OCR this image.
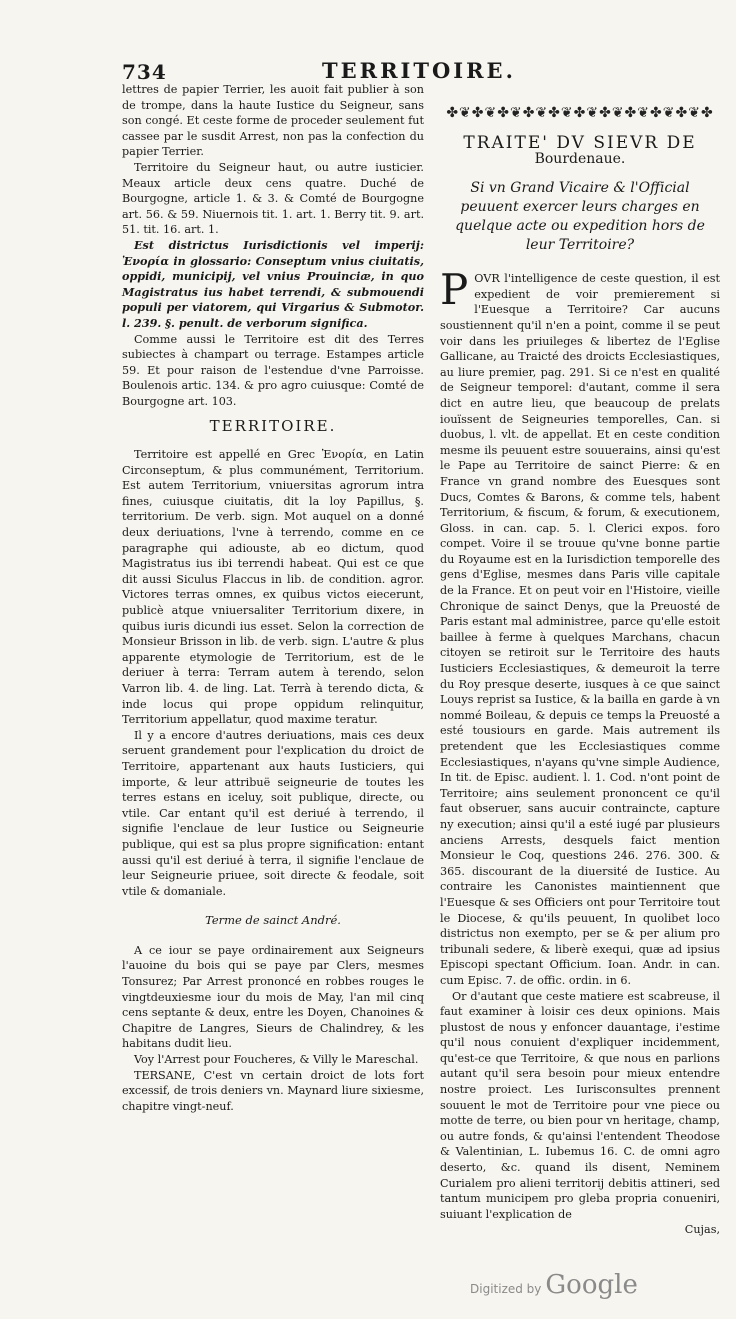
734	TERRITOIRE.

lettres de papier Terrier, les auoit fait publier à son de trompe, dans la haute Iustice du Seigneur, sans son congé. Et ceste forme de proceder seulement fut cassee par le susdit Arrest, non pas la confection du papier Terrier.

Territoire du Seigneur haut, ou autre iusticier. Meaux article deux cens quatre. Duché de Bourgogne, article 1. & 3. & Comté de Bourgogne art. 56. & 59. Niuernois tit. 1. art. 1. Berry tit. 9. art. 51. tit. 16. art. 1.

Est districtus Iurisdictionis vel imperij: Ἐνορία in glossario: Conseptum vnius ciuitatis, oppidi, municipij, vel vnius Prouinciæ, in quo Magistratus ius habet terrendi, & submouendi populi per viatorem, qui Virgarius & Submotor. l. 239. §. penult. de verborum significa.

Comme aussi le Territoire est dit des Terres subiectes à champart ou terrage. Estampes article 59. Et pour raison de l'estendue d'vne Parroisse. Boulenois artic. 134. & pro agro cuiusque: Comté de Bourgogne art. 103.

TERRITOIRE.

Territoire est appellé en Grec Ἐνορία, en Latin Circonseptum, & plus communément, Territorium. Est autem Territorium, vniuersitas agrorum intra fines, cuiusque ciuitatis, dit la loy Papillus, §. territorium. De verb. sign. Mot auquel on a donné deux deriuations, l'vne à terrendo, comme en ce paragraphe qui adiouste, ab eo dictum, quod Magistratus ius ibi terrendi habeat. Qui est ce que dit aussi Siculus Flaccus in lib. de condition. agror. Victores terras omnes, ex quibus victos eiecerunt, publicè atque vniuersaliter Territorium dixere, in quibus iuris dicundi ius esset. Selon la correction de Monsieur Brisson in lib. de verb. sign. L'autre & plus apparente etymologie de Territorium, est de le deriuer à terra: Terram autem à terendo, selon Varron lib. 4. de ling. Lat. Terrà à terendo dicta, & inde locus qui prope oppidum relinquitur, Territorium appellatur, quod maxime teratur.

Il y a encore d'autres deriuations, mais ces deux seruent grandement pour l'explication du droict de Territoire, appartenant aux hauts Iusticiers, qui importe, & leur attribuë seigneurie de toutes les terres estans en iceluy, soit publique, directe, ou vtile. Car entant qu'il est deriué à terrendo, il signifie l'enclaue de leur Iustice ou Seigneurie publique, qui est sa plus propre signification: entant aussi qu'il est deriué à terra, il signifie l'enclaue de leur Seigneurie priuee, soit directe & feodale, soit vtile & domaniale.

Terme de sainct André.

A ce iour se paye ordinairement aux Seigneurs l'auoine du bois qui se paye par Clers, mesmes Tonsurez; Par Arrest prononcé en robbes rouges le vingtdeuxiesme iour du mois de May, l'an mil cinq cens septante & deux, entre les Doyen, Chanoines & Chapitre de Langres, Sieurs de Chalindrey, & les habitans dudit lieu.

Voy l'Arrest pour Foucheres, & Villy le Mareschal.

TERSANE, C'est vn certain droict de lots fort excessif, de trois deniers vn. Maynard liure sixiesme, chapitre vingt-neuf.

✤❦✤❦✤❦✤❦✤❦✤❦✤❦✤❦✤❦✤❦✤
TRAITE' DV SIEVR DE
Bourdenaue.
Si vn Grand Vicaire & l'Official peuuent exercer leurs charges en quelque acte ou expedition hors de leur Territoire?

POVR l'intelligence de ceste question, il est expedient de voir premierement si l'Euesque a Territoire? Car aucuns soustiennent qu'il n'en a point, comme il se peut voir dans les priuileges & libertez de l'Eglise Gallicane, au Traicté des droicts Ecclesiastiques, au liure premier, pag. 291. Si ce n'est en qualité de Seigneur temporel: d'autant, comme il sera dict en autre lieu, que beaucoup de prelats iouïssent de Seigneuries temporelles, Can. si duobus, l. vlt. de appellat. Et en ceste condition mesme ils peuuent estre souuerains, ainsi qu'est le Pape au Territoire de sainct Pierre: & en France vn grand nombre des Euesques sont Ducs, Comtes & Barons, & comme tels, habent Territorium, & fiscum, & forum, & executionem, Gloss. in can. cap. 5. l. Clerici expos. foro compet. Voire il se trouue qu'vne bonne partie du Royaume est en la Iurisdiction temporelle des gens d'Eglise, mesmes dans Paris ville capitale de la France. Et on peut voir en l'Histoire, vieille Chronique de sainct Denys, que la Preuosté de Paris estant mal administree, parce qu'elle estoit baillee à ferme à quelques Marchans, chacun citoyen se retiroit sur le Territoire des hauts Iusticiers Ecclesiastiques, & demeuroit la terre du Roy presque deserte, iusques à ce que sainct Louys reprist sa Iustice, & la bailla en garde à vn nommé Boileau, & depuis ce temps la Preuosté a esté tousiours en garde. Mais autrement ils pretendent que les Ecclesiastiques comme Ecclesiastiques, n'ayans qu'vne simple Audience, In tit. de Episc. audient. l. 1. Cod. n'ont point de Territoire; ains seulement prononcent ce qu'il faut obseruer, sans aucuir contraincte, capture ny execution; ainsi qu'il a esté iugé par plusieurs anciens Arrests, desquels faict mention Monsieur le Coq, questions 246. 276. 300. & 365. discourant de la diuersité de Iustice. Au contraire les Canonistes maintiennent que l'Euesque & ses Officiers ont pour Territoire tout le Diocese, & qu'ils peuuent, In quolibet loco districtus non exempto, per se & per alium pro tribunali sedere, & liberè exequi, quæ ad ipsius Episcopi spectant Officium. Ioan. Andr. in can. cum Episc. 7. de offic. ordin. in 6.

Or d'autant que ceste matiere est scabreuse, il faut examiner à loisir ces deux opinions. Mais plustost de nous y enfoncer dauantage, i'estime qu'il nous conuient d'expliquer incidemment, qu'est-ce que Territoire, & que nous en parlions autant qu'il sera besoin pour mieux entendre nostre proiect. Les Iurisconsultes prennent souuent le mot de Territoire pour vne piece ou motte de terre, ou bien pour vn heritage, champ, ou autre fonds, & qu'ainsi l'entendent Theodose & Valentinian, L. Iubemus 16. C. de omni agro deserto, &c. quand ils disent, Neminem Curialem pro alieni territorij debitis attineri, sed tantum municipem pro gleba propria conueniri, suiuant l'explication de

Cujas,

Digitized by Google
